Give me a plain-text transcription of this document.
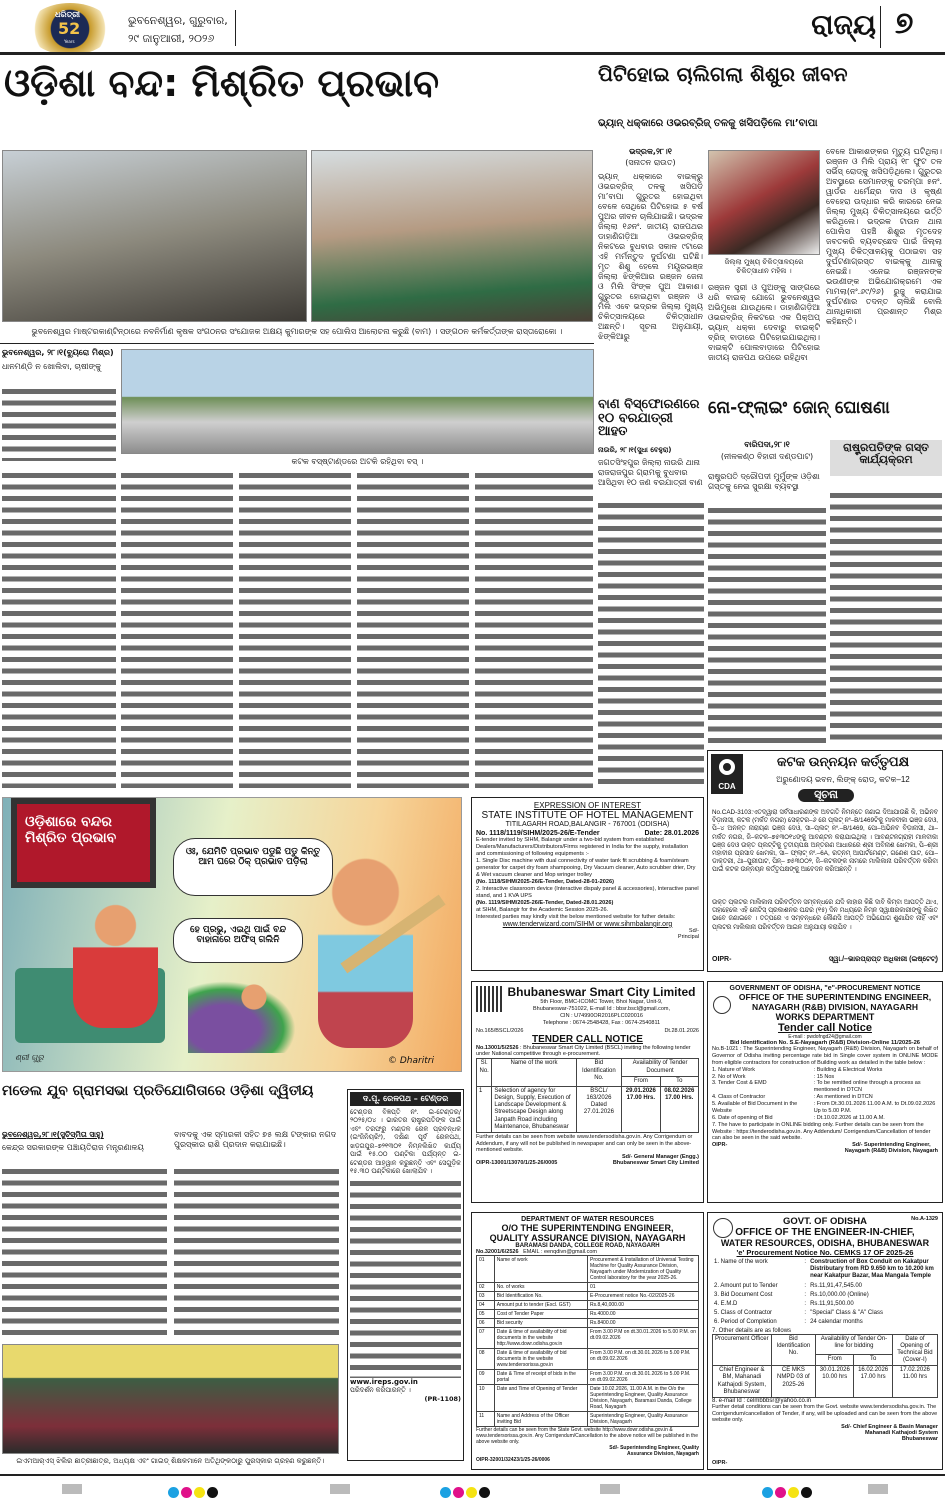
ଧରିତ୍ରୀ
52
Years
ଭୁବନେଶ୍ୱର, ଗୁରୁବାର,
୨୯ ଜାନୁଆରୀ, ୨୦୨୬	ରାଜ୍ୟ ୭
ଓଡ଼ିଶା ବନ୍ଦ: ମିଶ୍ରିତ ପ୍ରଭାବ
ଭୁବନେଶ୍ୱର ମାଷ୍ଟରକାଣ୍ଟିନ୍‌ଠାରେ ନବନିର୍ମାଣ କୃଷକ ସଂଗଠନର ସଂଯୋଜକ ଅକ୍ଷୟ କୁମାରଙ୍କ ସହ ପୋଲିସ ଆଲୋଚନା କରୁଛି (ବାମ) । ସଙ୍ଗଠନ କର୍ମକର୍ତ୍ତାଙ୍କ ରାସ୍ତାରୋକୋ ।
ଭୁବନେଶ୍ୱର, ୨୮।୧(ବ୍ୟୁରୋ ମିଶ୍ର)
ଧାନମଣ୍ଡି ନ ଖୋଲିବା, ଚାଷୀଙ୍କୁ
କଟକ ବସ୍‌ଷ୍ଟାଣ୍ଡରେ ଅଟକି ରହିଥିବା ବସ୍ ।
ପିଟିହୋଇ ଚାଲିଗଲା ଶିଶୁର ଜୀବନ
ଭ୍ୟାନ୍ ଧକ୍କାରେ ଓଭରବ୍ରିଜ୍ ତଳକୁ ଖସିପଡ଼ିଲେ ମା’ବାପା
ଭଦ୍ରକ,୨୮।୧
(ସନାତନ ରାଉତ)
ଭ୍ୟାନ୍ ଧକ୍କାରେ ବାଇକ୍‌ରୁ ଓଭରବ୍ରିଜ୍ ତଳକୁ ଖସିପଡ଼ି ମା’ବାପା ଗୁରୁତର ହୋଇଥିବା ବେଳେ ସେଥିରେ ପିଟିହୋଇ ୫ ବର୍ଷ ପୁଅର ଜୀବନ ଚାଲିଯାଇଛି। ଭଦ୍ରକ ଜିଲ୍ଲା ୧୬ନଂ. ଜାତୀୟ ରାଜପଥର ଡାହାଣିଗଡ଼ିଆ ଓଭରବ୍ରିଜ୍ ନିକଟରେ ବୁଧବାର ସକାଳ ୯ଟାରେ ଏହି ମର୍ମନ୍ତୁଦ ଦୁର୍ଘଟଣା ଘଟିଛି। ମୃତ ଶିଶୁ ହେଲେ ମୟୂରଭଞ୍ଜ ଜିଲ୍ଲା ଝିଙ୍କିଆର ରଞ୍ଜନ ଜେନା ଓ ମିଲି ସିଂଙ୍କ ପୁଅ ଆକାଶ। ଗୁରୁତର ହୋଇଥିବା ରଞ୍ଜନ ଓ ମିଲି ଏବେ ଭଦ୍ରକ ଜିଲ୍ଲା ମୁଖ୍ୟ ଚିକିତ୍ସାଳୟରେ ଚିକିତ୍ସାଧୀନ ଅଛନ୍ତି। ସୂଚନା ଅନୁଯାୟୀ, ଝିଙ୍କିଆରୁ
ଜିଲ୍ଲା ମୁଖ୍ୟ ଚିକିତ୍ସାଳୟରେ ଚିକିତ୍ସାଧୀନ ମହିଳା ।
ରଞ୍ଜନ ସ୍ତ୍ରୀ ଓ ପୁଅଙ୍କୁ ସାଙ୍ଗରେ ଧରି ବାଇକ୍ ଯୋଗେ ଭୁବନେଶ୍ୱର ଅଭିମୁଖେ ଯାଉଥିଲେ। ଡାହାଣିଗଡ଼ିଆ ଓଭରବ୍ରିଜ୍ ନିକଟରେ ଏକ ପିକ୍‌ଅପ୍ ଭ୍ୟାନ୍ ଧକ୍କା ଦେବାରୁ ବାଇକ୍‌ଟି ବ୍ରିଜ୍ ବାଡ଼ାରେ ପିଟିହୋଇଯାଇଥିଲା। ବାଇକ୍‌ଟି ପୋଲବାଡ଼ାରେ ପିଟିହୋଇ ଜାତୀୟ ରାଜପଥ ଉପରେ ରହିଥିବା
ବେଳେ ଆକାଶଙ୍କର ମୃତ୍ୟୁ ଘଟିଥିଲା। ରଞ୍ଜନ ଓ ମିଲି ପ୍ରାୟ ୧୮ ଫୁଟ ତଳ ସର୍ଭିସ୍ ରୋଡ୍‌କୁ ଖସିପଡ଼ିଥିଲେ। ଗୁରୁତର ଅବସ୍ଥାରେ ସେମାନଙ୍କୁ ଚରମ୍ପା ୫ନଂ. ୱାର୍ଡର ଧର୍ମେନ୍ଦ୍ର ଦାସ ଓ କୃଷ୍ଣ ବେହେରା ଉଦ୍ଧାର କରି କାରରେ ନେଇ ଜିଲ୍ଲା ମୁଖ୍ୟ ଚିକିତ୍ସାଳୟରେ ଭର୍ତ୍ତି କରିଥିଲେ। ଭଦ୍ରକ ଟାଉନ ଥାନା ପୋଲିସ ପହଞ୍ଚି ଶିଶୁର ମୃତଦେହ ଜବତକରି ବ୍ୟବଚ୍ଛେଦ ପାଇଁ ଜିଲ୍ଲା ମୁଖ୍ୟ ଚିକିତ୍ସାଳୟକୁ ପଠାଇବା ସହ ଦୁର୍ଘଟଣାଗ୍ରସ୍ତ ବାଇକ୍‌କୁ ଥାନାକୁ ନେଇଛି। ଏନେଇ ରଞ୍ଜନଙ୍କ ଭଉଣୀଙ୍କ ଅଭିଯୋଗକ୍ରମେ ଏକ ମାମଲା(ନଂ.୬୯/୨୬) ରୁଜୁ କରାଯାଇ ଦୁର୍ଘଟଣାର ତଦନ୍ତ ଚାଲିଛି ବୋଲି ଥାନାଧିକାରୀ ପ୍ରଶାନ୍ତ ମିଶ୍ର କହିଛନ୍ତି।
ବାଣ ବିସ୍ଫୋରଣରେ ୧୦ ବରଯାତ୍ରୀ ଆହତ
ନାଉରି, ୨୮।୧(ସୁଧା ବେହୁରା)
ଜଗତସିଂହପୁର ଜିଲ୍ଲା ନାଉରି ଥାନା ରାଜରାଜପୁର ଗ୍ରାମକୁ ବୁଧବାର ଆସିଥିବା ୧୦ ଜଣ ବରଯାତ୍ରୀ ବାଣ
ନୋ-ଫ୍ଲାଇଂ ଜୋନ୍ ଘୋଷଣା
ବାରିପଦା,୨୮।୧
(ନୀଳକଣ୍ଠ ବିହାରୀ ଦଣ୍ଡପାଟ)
ରାଷ୍ଟ୍ରପତି ଦ୍ରୌପଦୀ ମୁର୍ମୁଙ୍କ ଓଡ଼ିଶା ଗସ୍ତକୁ ନେଇ ସୁରକ୍ଷା ବ୍ୟବସ୍ଥା
ରାଷ୍ଟ୍ରପତିଙ୍କ ଗସ୍ତ କାର୍ଯ୍ୟକ୍ରମ
CDA
କଟକ ଉନ୍ନୟନ କର୍ତ୍ତୃପକ୍ଷ
ଅରୁଣୋଦୟ ଭବନ, ଲିଙ୍କ୍ ରୋଡ୍, କଟକ–12
ସୂଚନା
No.CAD-3103:ଏତଦ୍ୱାରା ସର୍ବସାଧାରଣଙ୍କ ଅବଗତି ନିମନ୍ତେ ଜଣାଇ ଦିଆଯାଉଛି କି, ଅଭିନବ ବିଡ଼ାନାସୀ, କଟକ (ମର୍କତ ନଗର) ସେକ୍ଟର–୬ ରେ ପ୍ଲଟ୍ ନଂ–B/1469ଟିକୁ ମାଳବୀକା ଭଞ୍ଜ ଦେଓ, ପି–୪ ଅନନ୍ତ ନାରାୟଣ ଭଞ୍ଜ ଦେଓ, ସା–ପ୍ଲଟ୍ ନଂ.–B/1469, ପୋ–ଅଭିନବ ବିଡ଼ାନାସୀ, ଥା–ମର୍କତ ନଗର, ଜି–କଟକ–୭୫୩୦୧୪ଙ୍କୁ ଆବଣ୍ଟନ କରାଯାଇଥିଲା । ଆବଣ୍ଟନଗ୍ରାହୀ ମାଳବୀକା ଭଞ୍ଜ ଦେଓ ଉକ୍ତ ପ୍ଲଟ୍‌ଟିକୁ ତୃତୀୟପକ୍ଷ ଅନ୍ତରଣ ଆଧାରରେ ଶ୍ରୀ ଅବିନାଶ ଖେମକା, ପି–ଶ୍ରୀ ମହାବୀର ପ୍ରସାଦ ଖେମକା, ସା– ଫ୍ଲାଟ୍ ନଂ.–6A, ରତ୍ନମ୍ ଆପାର୍ଟମେଣ୍ଟ, ଗଣେଶ ଘାଟ, ପୋ–ଡାକ୍ତରୀ, ଥା–ପୁରୀଘାଟ, ପିନ୍– ୭୫୩୦୦୨, ଜି–କଟକଙ୍କ ନାମରେ ମାଲିକାନା ପରିବର୍ତ୍ତନ କରିବା ପାଇଁ କଟକ ଉନ୍ନୟନ କର୍ତ୍ତୃପକ୍ଷଙ୍କୁ ଆବେଦନ କରିଅଛନ୍ତି ।
ଉକ୍ତ ପ୍ଲଟର ମାଲିକାନା ପରିବର୍ତ୍ତନ ସମ୍ବନ୍ଧରେ ଯଦି କାହାର କିଛି ଦାବି କିମ୍ବା ଆପତ୍ତି ଥାଏ, ତାହାହେଲେ ଏହି ନୋଟିସ୍ ପ୍ରକାଶନର ପନ୍ଦର (୧୫) ଦିନ ମଧ୍ୟରେ ନିମ୍ନ ସ୍ୱାକ୍ଷରକାରୀଙ୍କୁ ଲିଖିତ ଭାବେ ଜଣାଇବେ । ତତ୍ପରେ ଏ ସମ୍ବନ୍ଧରେ କୌଣସି ଆପତ୍ତି ଅଭିଯୋଗ ଶୁଣାଯିବ ନାହିଁ ଏବଂ ପ୍ଲଟର ମାଲିକାନା ପରିବର୍ତ୍ତନ ଆଇନ ଅନୁଯାୟୀ କରାଯିବ ।
OIPR-	ସ୍ୱା./–ଭାରପ୍ରାପ୍ତ ଅଧିକାରୀ (ଇଷ୍ଟେଟ୍)
ଓଡ଼ିଶାରେ ବନ୍ଦର ମିଶ୍ରିତ ପ୍ରଭାବ
ଓଃ, ଯେମିତି ପ୍ରଭାବ ପଡୁଛି ପଡୁ କିନ୍ତୁ ଆମ ଘରେ ଠିକ୍ ପ୍ରଭାବ ପଡ଼ିଲା
ହେ ପ୍ରଭୁ, ଏଇଥି ପାଇଁ ବନ୍ଦ ବାହାନାରେ ଅଫିସ୍ ଗଲିନି
ଶ୍ରୀ ଗୁରୁ	© Dharitri
ମଡେଲ ଯୁବ ଗ୍ରାମସଭା ପ୍ରତିଯୋଗିତାରେ ଓଡ଼ିଶା ଦ୍ୱିତୀୟ
ଭୁବନେଶ୍ୱର,୨୮।୧(ସୁଚିସ୍ମିତା ସାହୁ)
କେନ୍ଦ୍ର ସରକାରଙ୍କ ପଞ୍ଚାୟତିରାଜ ମନ୍ତ୍ରଣାଳୟ
ବାବଦକୁ ଏକ ସ୍ମାରକୀ ସହିତ ୭୫ ଲକ୍ଷ ଟଙ୍କାର ନଗଦ ପୁରସ୍କାର ରାଶି ପ୍ରଦାନ କରାଯାଇଛି।
ଇଏମଆର୍‌ଏସ୍ ଝିଲିର ଛାତ୍ରୀଛାତ୍ର, ଅଧ୍ୟକ୍ଷ ଏବଂ ଗାଇଡ୍ ଶିକ୍ଷକମାନେ ଅତିଥିଙ୍କଠାରୁ ପୁରସ୍କାର ଗ୍ରହଣ କରୁଛନ୍ତି।
ଦ.ପୂ. ରେଳପଥ – ଟେଣ୍ଡର
ଟେଣ୍ଡର ବିଜ୍ଞପ୍ତି ନଂ. ଇ-ଟେଣ୍ଡର/୨୦୨୫/୦୪ । ଭାରତର ରାଷ୍ଟ୍ରପତିଙ୍କ ପାଇଁ ଏବଂ ତରଫରୁ ମଣ୍ଡଳ ରେଳ ପ୍ରବନ୍ଧକ (ଇଂଜିନିୟରିଂ), ଦକ୍ଷିଣ ପୂର୍ବ ରେଳପଥ, ଖଡ଼ଗପୁର–୭୨୧୩୦୧ ନିମ୍ନଲିଖିତ କାର୍ଯ୍ୟ ପାଇଁ ୧୫.୦୦ ଘଣ୍ଟିକା ପର୍ଯ୍ୟନ୍ତ ଇ-ଟେଣ୍ଡର ଆହ୍ୱାନ କରୁଛନ୍ତି ଏବଂ ସେଗୁଡ଼ିକ ୧୫.୩୦ ଘଣ୍ଟିକାରେ ଖୋଲାଯିବ ।
www.ireps.gov.in
ପରିଦର୍ଶନ କରିପାରନ୍ତି ।
(PR-1108)
EXPRESSION OF INTEREST
STATE INSTITUTE OF HOTEL MANAGEMENT
TITILAGARH ROAD,BALANGIR - 767001 (ODISHA)
No. 1118/1119/SIHM/2025-26/E-Tender	Date: 28.01.2026
E-tender invited by SIHM, Balangir under a two-bid system from established Dealers/Manufacturers/Distributors/Firms registered in India for the supply, installation and commissioning of following equipments :-
1. Single Disc machine with dual connectivity of water tank fit scrubbing & foam/steam generator for carpet dry foam shampooing, Dry Vacuum cleaner, Auto scrubber drier, Dry & Wet vacuum cleaner and Mop wringer trolley
(No. 1118/SIHM/2025-26/E-Tender, Dated-28-01-2026)
2. Interactive classroom device (Interactive dispaly panel & accessories), Interactive panel stand, and 1 KVA UPS
(No. 1119/SIHM/2025-26/E-Tender, Dated-28.01.2026)
at SIHM, Balangir for the Academic Session 2025-26.
Interested parties may kindly visit the below mentioned website for futher details:
www.tenderwizard.com/SIHM or www.sihmbalangir.org
Sd/-
Principal
Bhubaneswar Smart City Limited
5th Floor, BMC-ICOMC Tower, Bhoi Nagar, Unit-9,
Bhubaneswar-751022, E-mail Id : bbsr.bscl@gmail.com,
CIN : U74990OR2016PLC020016
Telephone : 0674-2548428, Fax : 0674-2540811
No.165/BSCL/2026	Dt.28.01.2026
TENDER CALL NOTICE
No.13001/5/2526 : Bhubaneswar Smart City Limited (BSCL) inviting the following tender under National competitive through e-procurement.
Sl. No.	Name of the work	Bid Identification No.	Availability of Tender Document	
			From	To
1	Selection of agency for Design, Supply, Execution of Landscape Development & Streetscape Design along Janpath Road including Maintenance, Bhubaneswar	BSCL/ 163/2026 Dated 27.01.2026	29.01.2026 17.00 Hrs.	08.02.2026 17.00 Hrs.
Further details can be seen from website www.tendersodisha.gov.in. Any Corrigendum or Addendum, if any will not be published in newspaper and can only be seen in the above-mentioned website.
Sd/- General Manager (Engg.)
OIPR-13001/13070/1/25-26/0005	Bhubaneswar Smart City Limited
GOVERNMENT OF ODISHA, "e"-PROCUREMENT NOTICE
OFFICE OF THE SUPERINTENDING ENGINEER,
NAYAGARH (R&B) DIVISION, NAYAGARH
WORKS DEPARTMENT
Tender call Notice
E-mail : pwdofngd24@gmail.com
Bid Identification No. S.E-Nayagarh (R&B) Division-Online 11/2025-26
No.B-1021 : The Superintending Engineer, Nayagarh (R&B) Division, Nayagarh on behalf of Governor of Odisha inviting percentage rate bid in Single cover system in ONLINE MODE from eligible contractors for construction of Building work as detailed in the table below :
1. Nature of Work	: Building & Electrical Works
2. No of Work	: 15 Nos
3. Tender Cost & EMD	: To be remitted online through a process as mentioned in DTCN
4. Class of Contractor	: As mentioned in DTCN
5. Available of Bid Document in the Website
: From Dt.30.01.2026 11.00 A.M. to Dt.09.02.2026 Up to 5.00 P.M.
6. Date of opening of Bid	: Dt.10.02.2026 at 11.00 A.M.
7. The have to participate in ONLINE bidding only. Further details can be seen from the Website : https://tenderodisha.gov.in. Any Addendum/ Corrigendum/Cancellation of tender can also be seen in the said website.
OIPR-	Sd/- Superintending Engineer,
Nayagarh (R&B) Division, Nayagarh
DEPARTMENT OF WATER RESOURCES
O/O THE SUPERINTENDING ENGINEER,
QUALITY ASSURANCE DIVISION, NAYAGARH
BARAMASI DANDA, COLLEGE ROAD, NAYAGARH
No.32001/6/2526 EMAIL : eenqdivn@gmail.com
01	Name of work	Procurement & Installation of Universal Testing Machine for Quality Assurance Division, Nayagarh under Modernization of Quality Control laboratory for the year 2025-26.
02	No. of works	01
03	Bid Identification No.	E-Procurement notice No.-02/2025-26
04	Amount put to tender (Excl. GST)	Rs.8,40,000.00
05	Cost of Tender Paper	Rs.4000.00
06	Bid security	Rs.8400.00
07	Date & time of availability of bid documents in the website http://www.dowr.odisha.gov.in	From 3.00 P.M on dt.30.01.2026 to 5.00 P.M. on dt.09.02.2026
08	Date & time of availability of bid documents in the website www.tendersorissa.gov.in	From 3.00 P.M. on dt.30.01.2026 to 5.00 P.M. on dt.09.02.2026
09	Date & Time of receipt of bids in the portal	From 3.00 P.M. on dt.30.01.2026 to 5.00 P.M. on dt.09.02.2026
10	Date and Time of Opening of Tender	Date 10.02.2026, 11.00 A.M. in the O/o the Superintending Engineer, Quality Assurance Division, Nayagarh, Baramasi Danda, College Road, Nayagarh
11	Name and Address of the Officer inviting Bid	Superintending Engineer, Quality Assurance Division, Nayagarh
Further details can be seen from the State Govt. website http://www.dowr.odisha.gov.in & www.tendersorissa.gov.in. Any Corrigendum/Cancellation to the above notice will be published in the above website only.
Sd/- Superintending Engineer, Quality Assurance Division, Nayagarh
OIPR-32001/32423/1/25-26/0006
No.A-1329
GOVT. OF ODISHA
OFFICE OF THE ENGINEER-IN-CHIEF,
WATER RESOURCES, ODISHA, BHUBANESWAR
'e' Procurement Notice No. CEMKS 17 OF 2025-26
1. Name of the work	:	Construction of Box Conduit on Kakatpur Distributary from RD 9.650 km to 10.200 km near Kakatpur Bazar, Maa Mangala Temple
2. Amount put to Tender	:	Rs.11,91,47,545.00
3. Bid Document Cost	:	Rs.10,000.00 (Online)
4. E.M.D	:	Rs.11,91,500.00
5. Class of Contractor	:	"Special" Class & "A" Class
6. Period of Completion	:	24 calendar months
7. Other details are as follows
Procurement Officer	Bid Identification No.	Availability of Tender On-line for bidding		Date of Opening of Technical Bid (Cover-I)
		From	To	
Chief Engineer & BM, Mahanadi Kathajodi System, Bhubaneswar	CE MKS NMPD 03 of 2025-26	30.01.2026 10.00 hrs	16.02.2026 17.00 hrs	17.02.2026 11.00 hrs
8. e-mail Id : celmbbbsr@yahoo.co.in
Further detail conditions can be seen from the Govt. website www.tendersodisha.gov.in. The Corrigendum/cancellation of Tender, if any, will be uploaded and can be seen from the above website only.
Sd/- Chief Engineer & Basin Manager
Mahanadi Kathajodi System
Bhubaneswar
OIPR-
